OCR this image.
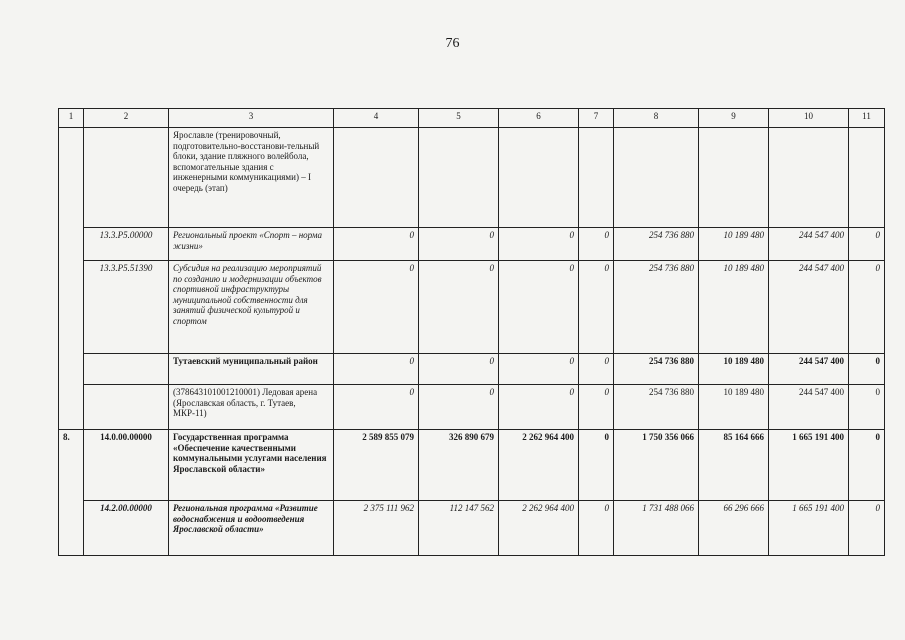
76
1	2	3	4	5	6	7	8	9	10	11
		Ярославле (тренировочный, подготовительно-восстанови-тельный блоки, здание пляжного волейбола, вспомогательные здания с инженерными коммуникациями) – I очередь (этап)								
	13.3.Р5.00000	Региональный проект «Спорт – норма жизни»	0	0	0	0	254 736 880	10 189 480	244 547 400	0
	13.3.Р5.51390	Субсидия на реализацию мероприятий по созданию и модернизации объектов спортивной инфраструктуры муниципальной собственности для занятий физической культурой и спортом	0	0	0	0	254 736 880	10 189 480	244 547 400	0
		Тутаевский муниципальный район	0	0	0	0	254 736 880	10 189 480	244 547 400	0
		(378643101001210001) Ледовая арена (Ярославская область, г. Тутаев, МКР-11)	0	0	0	0	254 736 880	10 189 480	244 547 400	0
8.	14.0.00.00000	Государственная программа «Обеспечение качественными коммунальными услугами населения Ярославской области»	2 589 855 079	326 890 679	2 262 964 400	0	1 750 356 066	85 164 666	1 665 191 400	0
	14.2.00.00000	Региональная программа «Развитие водоснабжения и водоотведения Ярославской области»	2 375 111 962	112 147 562	2 262 964 400	0	1 731 488 066	66 296 666	1 665 191 400	0
